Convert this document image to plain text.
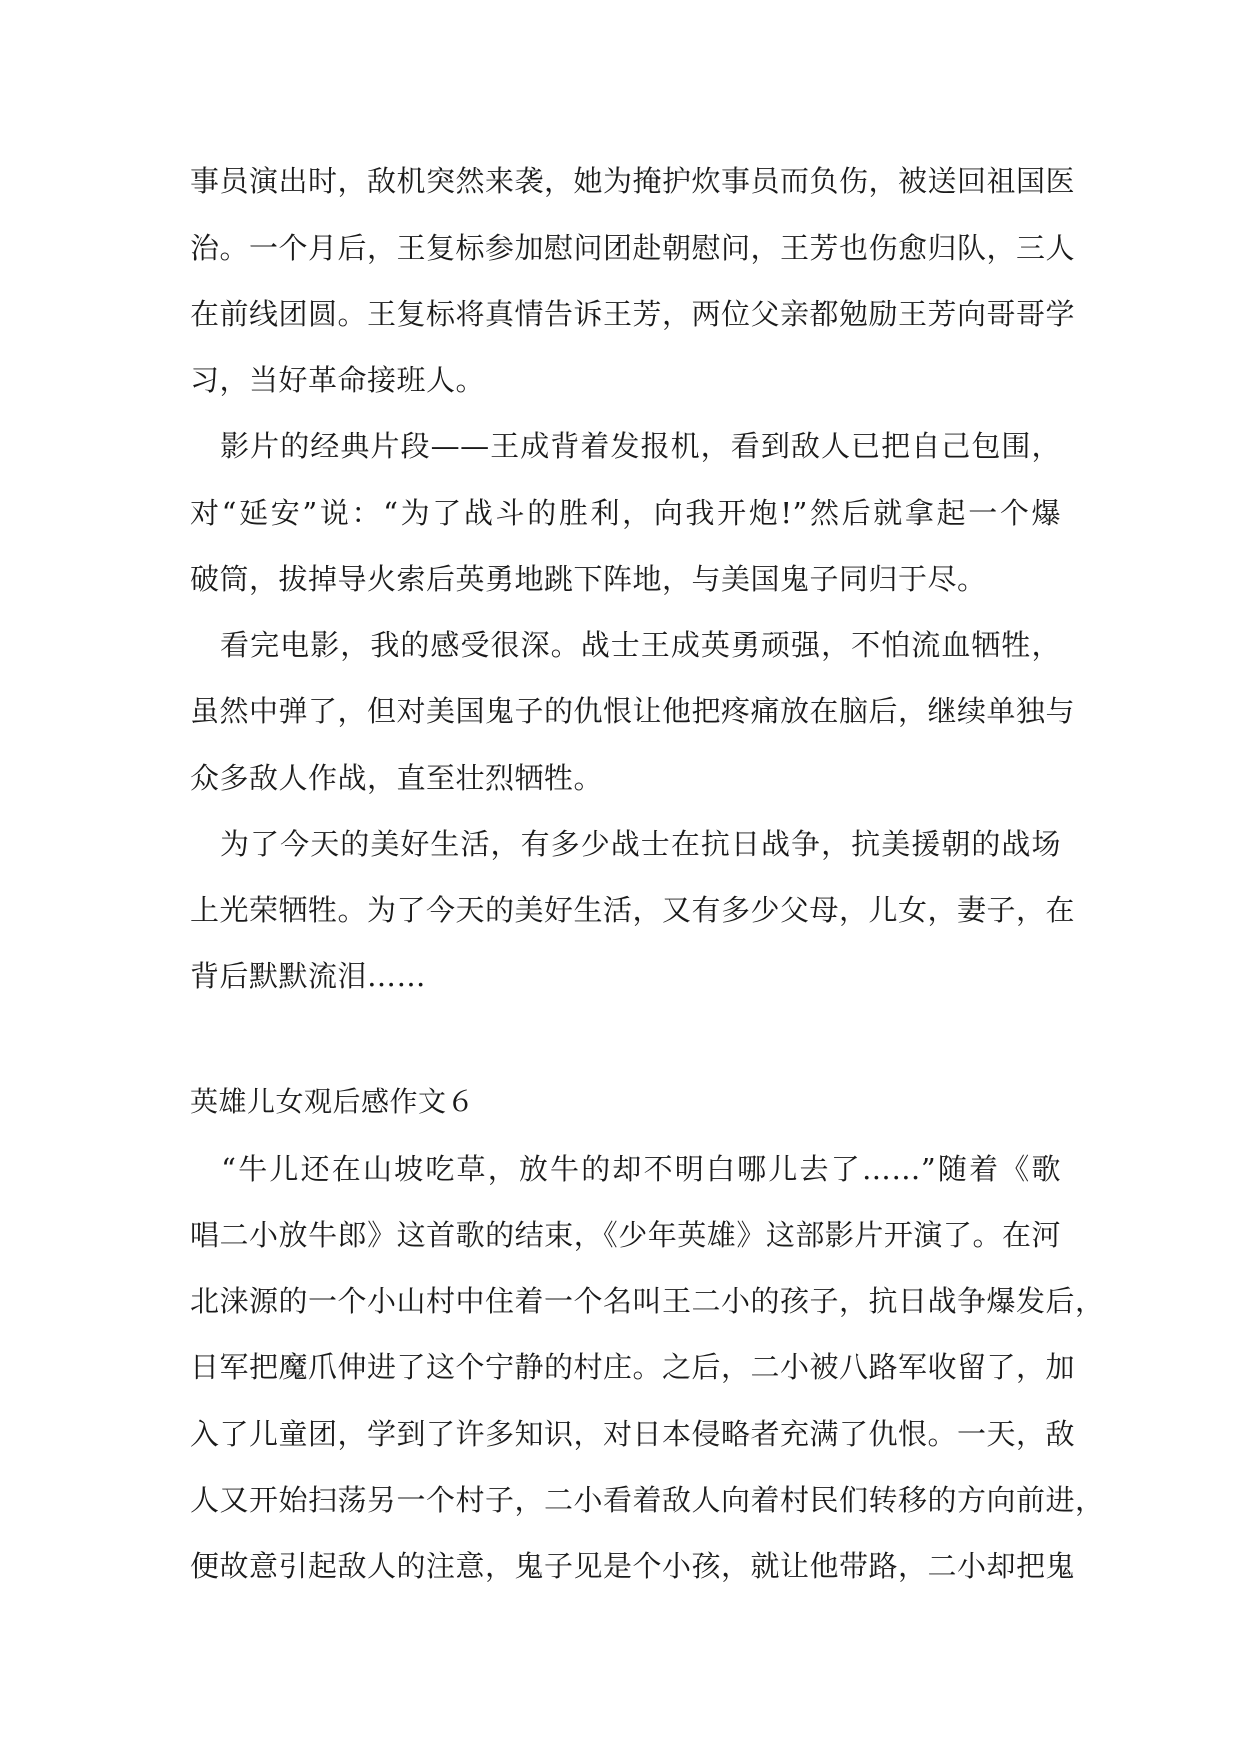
事员演出时，敌机突然来袭，她为掩护炊事员而负伤，被送回祖国医
治。一个月后，王复标参加慰问团赴朝慰问，王芳也伤愈归队，三人
在前线团圆。王复标将真情告诉王芳，两位父亲都勉励王芳向哥哥学
习，当好革命接班人。
　影片的经典片段——王成背着发报机，看到敌人已把自己包围，
对“延安”说：“为了战斗的胜利，向我开炮!”然后就拿起一个爆
破筒，拔掉导火索后英勇地跳下阵地，与美国鬼子同归于尽。
　看完电影，我的感受很深。战士王成英勇顽强，不怕流血牺牲，
虽然中弹了，但对美国鬼子的仇恨让他把疼痛放在脑后，继续单独与
众多敌人作战，直至壮烈牺牲。
　为了今天的美好生活，有多少战士在抗日战争，抗美援朝的战场
上光荣牺牲。为了今天的美好生活，又有多少父母，儿女，妻子，在
背后默默流泪……
英雄儿女观后感作文６
　“牛儿还在山坡吃草，放牛的却不明白哪儿去了……”随着《歌
唱二小放牛郎》这首歌的结束，《少年英雄》这部影片开演了。在河
北涞源的一个小山村中住着一个名叫王二小的孩子，抗日战争爆发后，
日军把魔爪伸进了这个宁静的村庄。之后，二小被八路军收留了，加
入了儿童团，学到了许多知识，对日本侵略者充满了仇恨。一天，敌
人又开始扫荡另一个村子，二小看着敌人向着村民们转移的方向前进，
便故意引起敌人的注意，鬼子见是个小孩，就让他带路，二小却把鬼
